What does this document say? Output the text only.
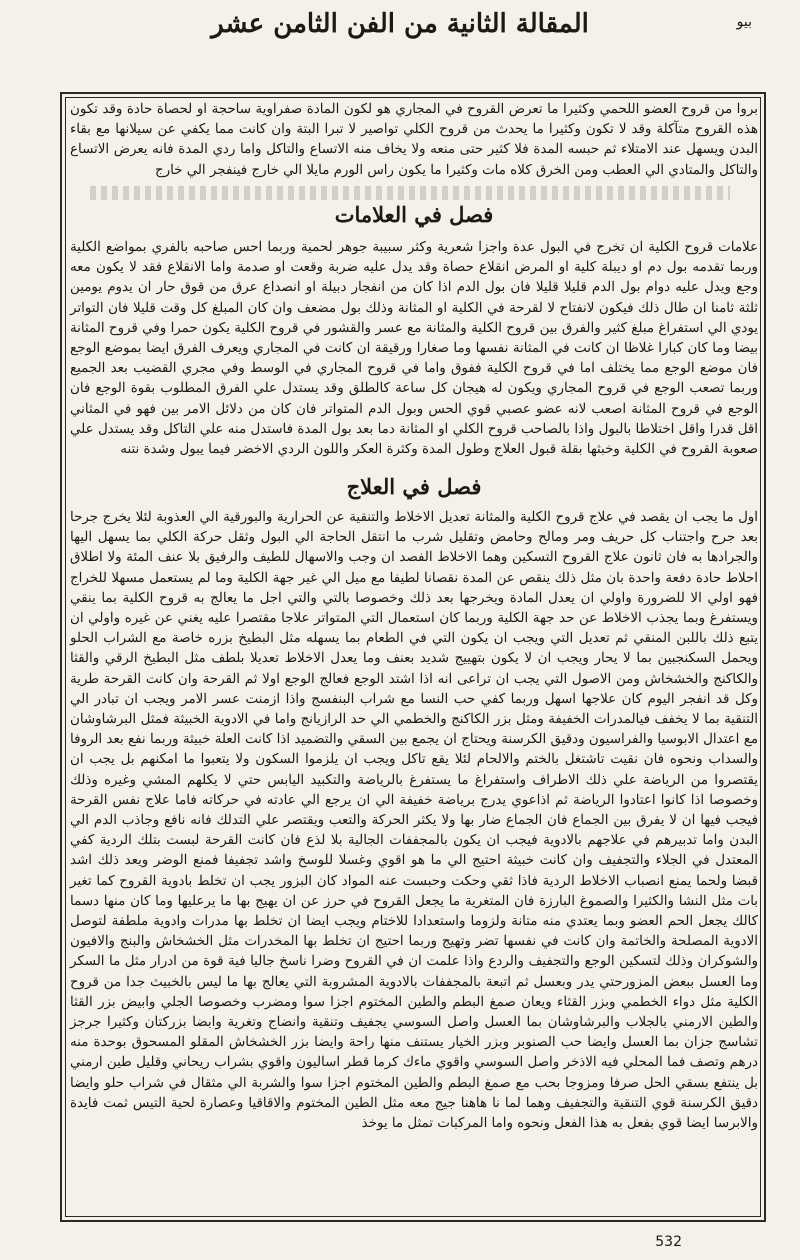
المقالة الثانية من الفن الثامن عشر	بيو

بروا من قروح العضو اللحمي وكثيرا ما تعرض القروح في المجاري هو لكون المادة صفراوية ساحجة او لحصاة حادة وقد تكون هذه القروح متآكلة وقد لا تكون وكثيرا ما يحدث من قروح الكلي تواصير لا تبرا البتة وان كانت مما يكفي عن سيلانها مع بقاء البدن ويسهل عند الامتلاء ثم حبسه المدة فلا كثير حتى منعه ولا يخاف منه الاتساع والتاكل واما ردي المدة فانه يعرض الاتساع والتاكل والمتادي الي العطب ومن الخرق كلاه مات وكثيرا ما يكون راس الورم مايلا الي خارج فينفجر الي خارج

فصل في العلامات

علامات قروح الكلية ان تخرج في البول عدة واجزا شعرية وكثر سبيبة جوهر لحمية وربما احس صاحبه بالفري بمواضع الكلية وربما تقدمه بول دم او ديبلة كلية او المرض انقلاع حصاة وقد يدل عليه ضربة وقعت او صدمة واما الانقلاع فقد لا يكون معه وجع ويدل عليه دوام بول الدم قليلا قليلا فان بول الدم اذا كان من انفجار دبيلة او انصداع عرق من قوق حار ان يدوم يومين ثلثة ثامنا ان طال ذلك فيكون لانفتاح لا لقرحة في الكلية او المثانة وذلك بول مضعف وان كان المبلغ كل وقت قليلا فان التواتر يودي الي استفراغ مبلغ كثير والفرق بين قروح الكلية والمثانة مع عسر والقشور في قروح الكلية يكون حمرا وفي قروح المثانة بيضا وما كان كبارا غلاظا ان كانت في المثانة نفسها وما صغارا ورقيقة ان كانت في المجاري ويعرف الفرق ايضا بموضع الوجع فان موضع الوجع مما يختلف اما في قروح الكلية ففوق واما في قروح المجاري في الوسط وفي مجري القضيب بعد الجميع وربما تصعب الوجع في قروح المجاري ويكون له هيجان كل ساعة كالطلق وقد يستدل علي الفرق المطلوب بقوة الوجع فان الوجع في قروح المثانة اصعب لانه عضو عصبي قوي الحس وبول الدم المتواتر فان كان من دلائل الامر بين فهو في المثاني اقل قدرا واقل اختلاطا بالبول واذا بالصاحب قروح الكلي او المثانة دما بعد بول المدة فاستدل منه علي التاكل وقد يستدل علي صعوبة القروح في الكلية وخبثها بقلة قبول العلاج وطول المدة وكثرة العكر واللون الردي الاخضر فيما يبول وشدة نتنه

فصل في العلاج

اول ما يجب ان يقصد في علاج قروح الكلية والمثانة تعديل الاخلاط والتنقية عن الحرارية والبورقية الي العذوبة لئلا يخرج جرحا بعد جرح واجتناب كل حريف ومر ومالح وحامض وتقليل شرب ما انتقل الحاجة الي البول وثقل حركة الكلي بما يسهل اليها والجرادها به فان ثانون علاج القروح التسكين وهما الاخلاط الفصد ان وجب والاسهال للطيف والرفيق بلا عنف المئة ولا اطلاق احلاط حادة دفعة واحدة بان مثل ذلك ينقص عن المدة نقصانا لطيفا مع ميل الي غير جهة الكلية وما لم يستعمل مسهلا للخراج فهو اولي الا للضرورة واولي ان يعدل المادة ويخرجها بعد ذلك وخصوصا بالتي والتي اجل ما يعالج به قروح الكلية بما ينقي ويستفرغ وبما يجذب الاخلاط عن حد جهة الكلية وربما كان استعمال التي المتواتر علاجا مقتصرا عليه يغني عن غيره واولي ان يتبع ذلك باللبن المنقي ثم تعديل التي ويجب ان يكون التي في الطعام بما يسهله مثل البطيخ بزره خاصة مع الشراب الحلو ويحمل السكنجبين بما لا يحار ويجب ان لا يكون بتهييج شديد بعنف وما يعدل الاخلاط تعديلا بلطف مثل البطيخ الرقي والقثا والكاكنج والخشخاش ومن الاصول التي يجب ان تراعى انه اذا اشتد الوجع فعالج الوجع اولا ثم القرحة وان كانت القرحة طرية وكل قد انفجر اليوم كان علاجها اسهل وربما كفي حب النسا مع شراب البنفسج واذا ازمنت عسر الامر ويجب ان تبادر الي التنقية بما لا يخفف فيالمدرات الخفيفة ومثل بزر الكاكنج والخطمي الي حد الرازيانج واما في الادوية الخبيثة فمثل البرشاوشان مع اعتدال الابوسيا والفراسيون ودقيق الكرسنة ويحتاج ان يجمع بين السقي والتضميد اذا كانت العلة خبيثة وربما نفع بعد الروفا والسداب ونحوه فان نقيت تاشتغل بالختم والالحام لئلا يقع تاكل ويجب ان يلزموا السكون ولا يتعبوا ما امكنهم بل يجب ان يقتصروا من الرياضة علي ذلك الاطراف واستفراغ ما يستفرغ بالرياضة والتكبيد اليابس حتي لا يكلهم المشي وغيره وذلك وخصوصا اذا كانوا اعتادوا الرياضة ثم اذاعوي يدرج برياضة خفيفة الي ان يرجع الي عادته في حركاته فاما علاج نفس القرحة فيجب فيها ان لا يفرق بين الجماع فان الجماع ضار بها ولا يكثر الحركة والتعب ويقتصر علي التدلك فانه نافع وجاذب الدم الي البدن واما تدبيرهم في علاجهم بالادوية فيجب ان يكون بالمجففات الجالية بلا لذع فان كانت القرحة لبست بتلك الردية كفي المعتدل في الجلاء والتجفيف وان كانت خبيثة احتيج الي ما هو اقوي وغسلا للوسخ واشد تجفيفا فمنع الوضر ويعد ذلك اشد قبضا ولحما يمنع انصباب الاخلاط الردية فاذا ثقي وحكت وحبست عنه المواد كان البزور يجب ان تخلط بادوية القروح كما تغير بات مثل النشا والكثيرا والصموغ البارزة فان المتغرية ما يجعل القروح في حرز عن ان يهيج بها ما يرعليها وما كان منها دسما كالك يجعل الحم العضو وبما يعتدي منه متانة ولزوما واستعدادا للاختام ويجب ايضا ان تخلط بها مدرات وادوية ملطفة لتوصل الادوية المصلحة والخاتمة وان كانت في نفسها تضر وتهيج وربما احتيج ان تخلط بها المخدرات مثل الخشخاش والبنج والافيون والشوكران وذلك لتسكين الوجع والتجفيف والردع واذا علمت ان في القروح وضرا ناسخ جاليا فية قوة من ادرار مثل ما السكر وما العسل ببعض المزورحتي يدر وبعسل ثم اتبعة بالمجففات بالادوية المشروبة التي يعالج بها ما ليس بالخبيث جدا من قروح الكلية مثل دواء الخطمي وبزر القثاء ويعان صمغ البطم والطين المختوم اجزا سوا ومضرب وخصوصا الجلي وابيض بزر القثا والطين الارمني بالجلاب والبرشاوشان بما العسل واصل السوسي يجفيف وتنقية وانضاج وتغرية وابضا بزركتان وكثيرا جرجز تشاسج جزان بما العسل وايضا حب الصنوبر وبزر الخيار يستنف منها راحة وايضا بزر الخشخاش المقلو المسحوق بوحدة منه درهم وتصف فما المحلي فيه الاذخر واصل السوسي واقوي ماءك كرما قطر اساليون واقوي بشراب ريحاني وقليل طين ارمني بل ينتفع بسقي الحل صرفا ومزوجا بحب مع صمغ البطم والطين المختوم اجزا سوا والشربة الي مثقال في شراب حلو وايضا دقيق الكرسنة قوي التنقية والتجفيف وهما لما نا هاهنا جيج معه مثل الطين المختوم والاقاقيا وعصارة لحية التيس ثمت فايدة والابرسا ايضا قوي بفعل به هذا الفعل ونحوه واما المركبات تمثل ما يوخذ

532
